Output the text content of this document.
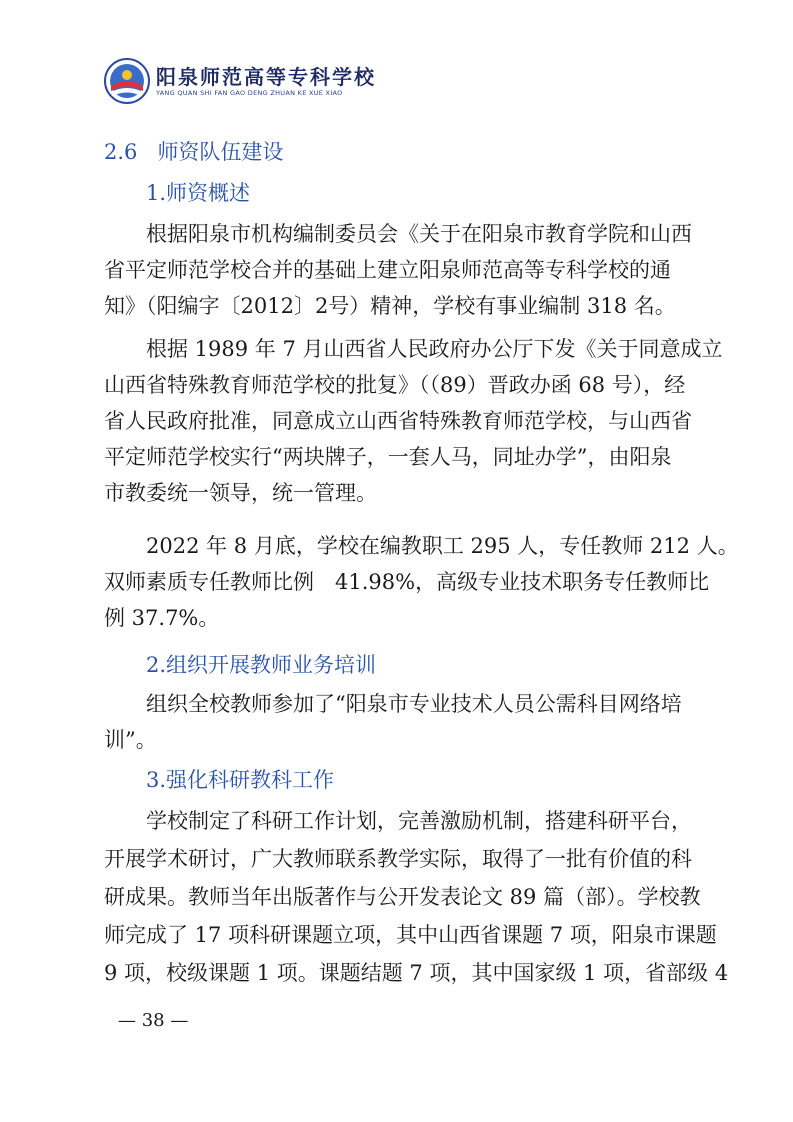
阳泉师范高等专科学校
YANG QUAN SHI FAN GAO DENG ZHUAN KE XUE XIAO
2.6 师资队伍建设
1.师资概述
根据阳泉市机构编制委员会《关于在阳泉市教育学院和山西
省平定师范学校合并的基础上建立阳泉师范高等专科学校的通
知》（阳编字〔2012〕2号）精神，学校有事业编制 318 名。
根据 1989 年 7 月山西省人民政府办公厅下发《关于同意成立
山西省特殊教育师范学校的批复》（（89）晋政办函 68 号），经
省人民政府批准，同意成立山西省特殊教育师范学校，与山西省
平定师范学校实行“两块牌子，一套人马，同址办学”，由阳泉
市教委统一领导，统一管理。
2022 年 8 月底，学校在编教职工 295 人，专任教师 212 人。
双师素质专任教师比例　41.98%，高级专业技术职务专任教师比
例 37.7%。
2.组织开展教师业务培训
组织全校教师参加了“阳泉市专业技术人员公需科目网络培
训”。
3.强化科研教科工作
学校制定了科研工作计划，完善激励机制，搭建科研平台，
开展学术研讨，广大教师联系教学实际，取得了一批有价值的科
研成果。教师当年出版著作与公开发表论文 89 篇（部）。学校教
师完成了 17 项科研课题立项，其中山西省课题 7 项，阳泉市课题
9 项，校级课题 1 项。课题结题 7 项，其中国家级 1 项，省部级 4
— 38 —
